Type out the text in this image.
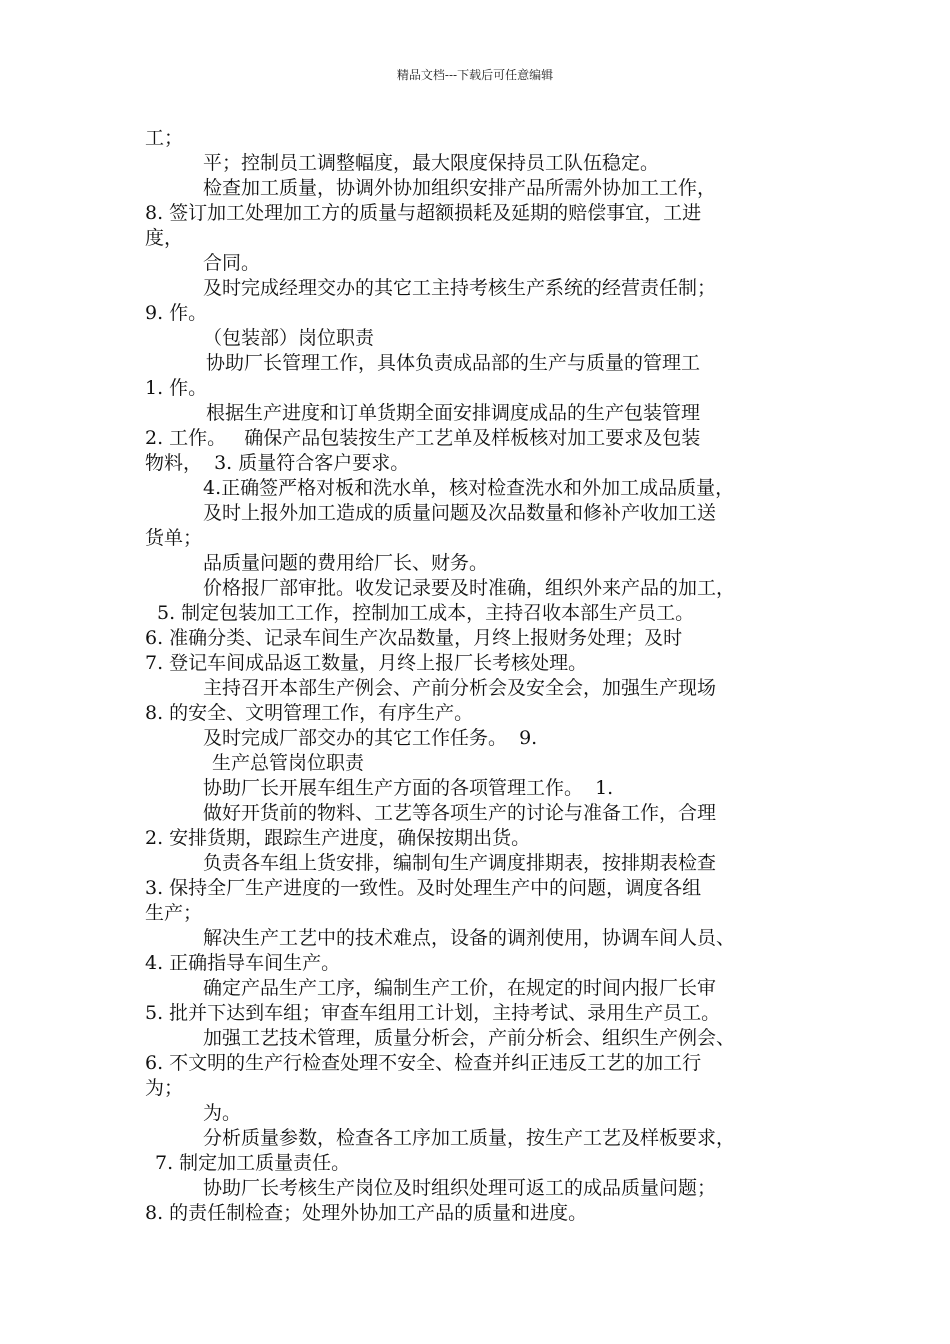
精品文档---下载后可任意编辑
工；
平；控制员工调整幅度，最大限度保持员工队伍稳定。
检查加工质量，协调外协加组织安排产品所需外协加工工作，
8. 签订加工处理加工方的质量与超额损耗及延期的赔偿事宜，工进
度，
合同。
及时完成经理交办的其它工主持考核生产系统的经营责任制；
9. 作。
（包装部）岗位职责
协助厂长管理工作，具体负责成品部的生产与质量的管理工
1. 作。
根据生产进度和订单货期全面安排调度成品的生产包装管理
2. 工作。   确保产品包装按生产工艺单及样板核对加工要求及包装
物料，  3. 质量符合客户要求。
4.正确签严格对板和洗水单，核对检查洗水和外加工成品质量，
及时上报外加工造成的质量问题及次品数量和修补产收加工送
货单；
品质量问题的费用给厂长、财务。
价格报厂部审批。收发记录要及时准确，组织外来产品的加工，
5. 制定包装加工工作，控制加工成本，主持召收本部生产员工。
6. 准确分类、记录车间生产次品数量，月终上报财务处理；及时
7. 登记车间成品返工数量，月终上报厂长考核处理。
主持召开本部生产例会、产前分析会及安全会，加强生产现场
8. 的安全、文明管理工作，有序生产。
及时完成厂部交办的其它工作任务。  9.
生产总管岗位职责
协助厂长开展车组生产方面的各项管理工作。  1.
做好开货前的物料、工艺等各项生产的讨论与准备工作，合理
2. 安排货期，跟踪生产进度，确保按期出货。
负责各车组上货安排，编制旬生产调度排期表，按排期表检查
3. 保持全厂生产进度的一致性。及时处理生产中的问题，调度各组
生产；
解决生产工艺中的技术难点，设备的调剂使用，协调车间人员、
4. 正确指导车间生产。
确定产品生产工序，编制生产工价，在规定的时间内报厂长审
5. 批并下达到车组；审查车组用工计划，主持考试、录用生产员工。
加强工艺技术管理，质量分析会，产前分析会、组织生产例会、
6. 不文明的生产行检查处理不安全、检查并纠正违反工艺的加工行
为；
为。
分析质量参数，检查各工序加工质量，按生产工艺及样板要求，
7. 制定加工质量责任。
协助厂长考核生产岗位及时组织处理可返工的成品质量问题；
8. 的责任制检查；处理外协加工产品的质量和进度。
